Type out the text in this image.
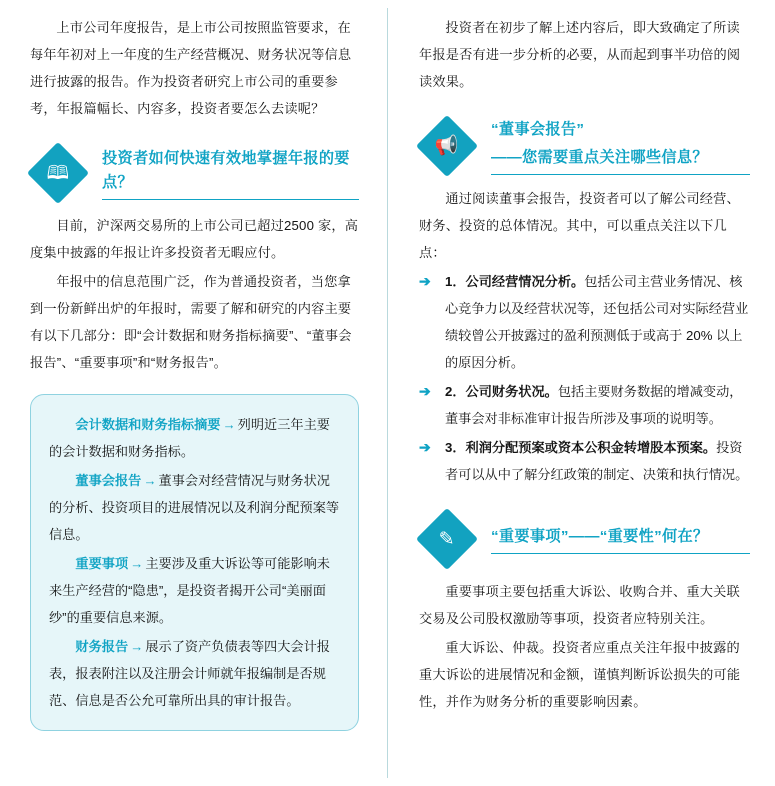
上市公司年度报告，是上市公司按照监管要求，在每年年初对上一年度的生产经营概况、财务状况等信息进行披露的报告。作为投资者研究上市公司的重要参考，年报篇幅长、内容多，投资者要怎么去读呢？

🕮
投资者如何快速有效地掌握年报的要点？

目前，沪深两交易所的上市公司已超过2500 家，高度集中披露的年报让许多投资者无暇应付。

年报中的信息范围广泛，作为普通投资者，当您拿到一份新鲜出炉的年报时，需要了解和研究的内容主要有以下几部分：即“会计数据和财务指标摘要”、“董事会报告”、“重要事项”和“财务报告”。

会计数据和财务指标摘要 → 列明近三年主要的会计数据和财务指标。

董事会报告 → 董事会对经营情况与财务状况的分析、投资项目的进展情况以及利润分配预案等信息。

重要事项 → 主要涉及重大诉讼等可能影响未来生产经营的“隐患”，是投资者揭开公司“美丽面纱”的重要信息来源。

财务报告 → 展示了资产负债表等四大会计报表，报表附注以及注册会计师就年报编制是否规范、信息是否公允可靠所出具的审计报告。

投资者在初步了解上述内容后，即大致确定了所读年报是否有进一步分析的必要，从而起到事半功倍的阅读效果。

📢
“董事会报告”
——您需要重点关注哪些信息？

通过阅读董事会报告，投资者可以了解公司经营、财务、投资的总体情况。其中，可以重点关注以下几点：

➔ 1．公司经营情况分析。包括公司主营业务情况、核心竞争力以及经营状况等，还包括公司对实际经营业绩较曾公开披露过的盈利预测低于或高于 20% 以上的原因分析。
➔ 2．公司财务状况。包括主要财务数据的增减变动，董事会对非标准审计报告所涉及事项的说明等。
➔ 3．利润分配预案或资本公积金转增股本预案。投资者可以从中了解分红政策的制定、决策和执行情况。
✎ “重要事项”——“重要性”何在？

重要事项主要包括重大诉讼、收购合并、重大关联交易及公司股权激励等事项，投资者应特别关注。

重大诉讼、仲裁。投资者应重点关注年报中披露的重大诉讼的进展情况和金额，谨慎判断诉讼损失的可能性，并作为财务分析的重要影响因素。
